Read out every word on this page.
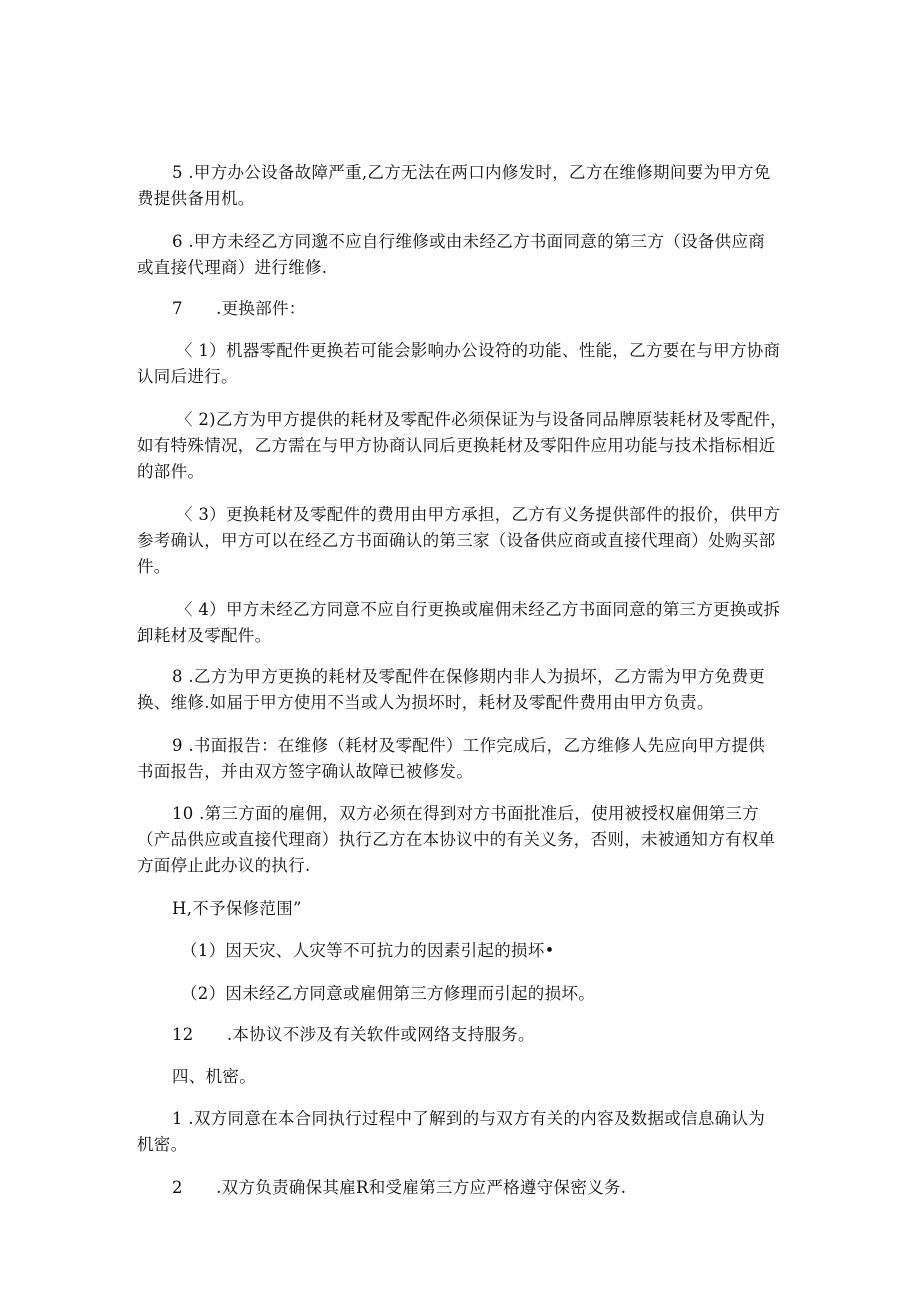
5 .甲方办公设备故障严重,乙方无法在两口内修发时，乙方在维修期间要为甲方免
费提供备用机。
6 .甲方未经乙方同邈不应自行维修或由未经乙方书面同意的第三方（设备供应商
或直接代理商）进行维修.
7      .更换部件：
〈 1）机器零配件更换若可能会影响办公设符的功能、性能，乙方要在与甲方协商
认同后进行。
〈 2)乙方为甲方提供的耗材及零配件必须保证为与设备同品牌原装耗材及零配件，
如有特殊情况，乙方需在与甲方协商认同后更换耗材及零阳件应用功能与技术指标相近
的部件。
〈 3）更换耗材及零配件的费用由甲方承担，乙方有义务提供部件的报价，供甲方
参考确认，甲方可以在经乙方书面确认的第三家（设备供应商或直接代理商）处购买部
件。
〈 4）甲方未经乙方同意不应自行更换或雇佣未经乙方书面同意的第三方更换或拆
卸耗材及零配件。
8 .乙方为甲方更换的耗材及零配件在保修期内非人为损坏，乙方需为甲方免费更
换、维修.如届于甲方使用不当或人为损坏时，耗材及零配件费用由甲方负责。
9 .书面报告：在维修（耗材及零配件）工作完成后，乙方维修人先应向甲方提供
书面报告，并由双方签字确认故障已被修发。
10 .第三方面的雇佣，双方必须在得到对方书面批准后，使用被授权雇佣第三方
（产品供应或直接代理商）执行乙方在本协议中的有关义务，否则，未被通知方有权单
方面停止此办议的执行.
H,不予保修范围”
（1）因天灾、人灾等不可抗力的因素引起的损坏•
（2）因未经乙方同意或雇佣第三方修理而引起的损坏。
12      .本协议不涉及有关软件或网络支持服务。
四、机密。
1 .双方同意在本合同执行过程中了解到的与双方有关的内容及数据或信息确认为
机密。
2      .双方负责确保其雇R和受雇第三方应严格遵守保密义务.
